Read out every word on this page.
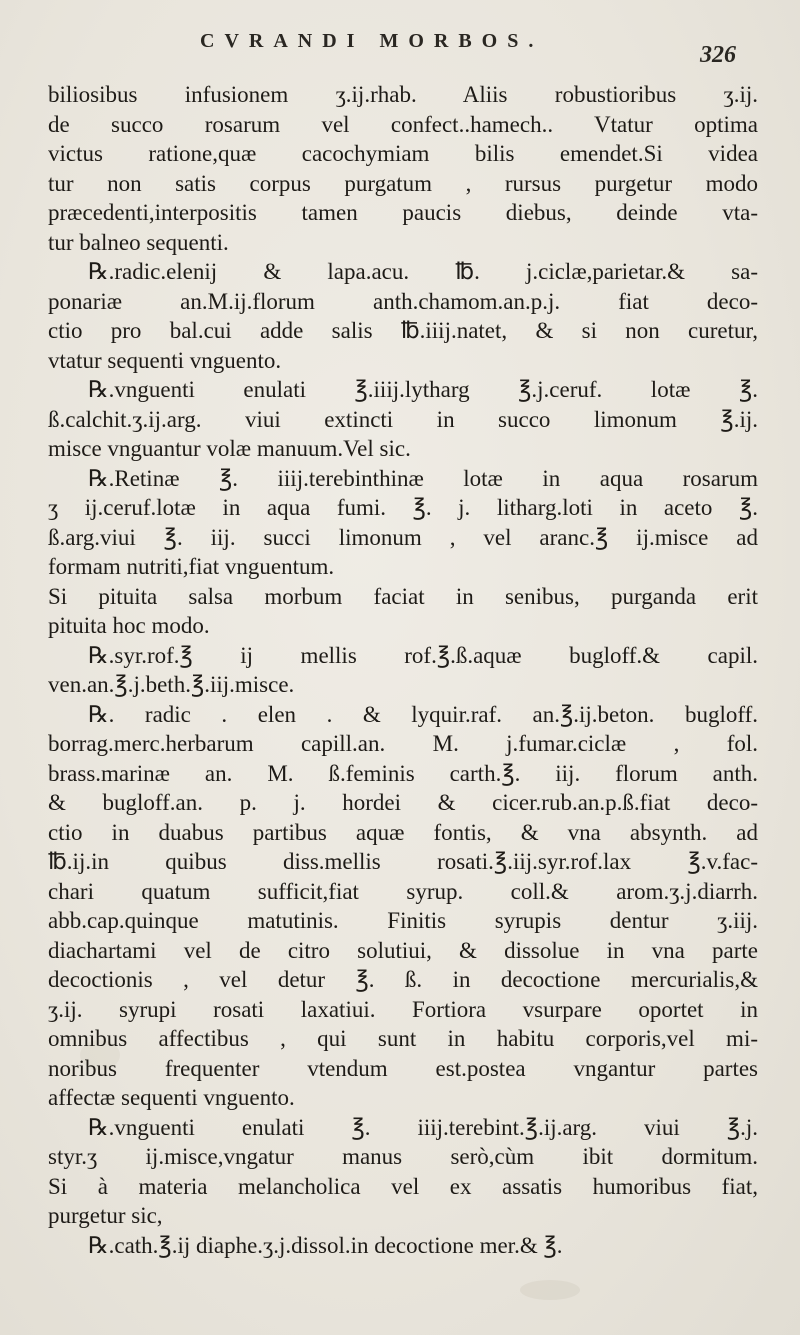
CVRANDI MORBOS.
326
biliosibus infusionem ʒ.ij.rhab. Aliis robustioribus ʒ.ij.
de succo rosarum vel confect..hamech.. Vtatur optima
victus ratione,quæ cacochymiam bilis emendet.Si videa
tur non satis corpus purgatum , rursus purgetur modo
præcedenti,interpositis tamen paucis diebus, deinde vta-
tur balneo sequenti.
℞.radic.elenij & lapa.acu. ℔. j.ciclæ,parietar.& sa-
ponariæ an.M.ij.florum anth.chamom.an.p.j. fiat deco-
ctio pro bal.cui adde salis ℔.iiij.natet, & si non curetur,
vtatur sequenti vnguento.
℞.vnguenti enulati ℥.iiij.lytharg ℥.j.ceruf. lotæ ℥.
ß.calchit.ʒ.ij.arg. viui extincti in succo limonum ℥.ij.
misce vnguantur volæ manuum.Vel sic.
℞.Retinæ ℥. iiij.terebinthinæ lotæ in aqua rosarum
ʒ ij.ceruf.lotæ in aqua fumi. ℥. j. litharg.loti in aceto ℥.
ß.arg.viui ℥. iij. succi limonum , vel aranc.℥ ij.misce ad
formam nutriti,fiat vnguentum.
Si pituita salsa morbum faciat in senibus, purganda erit
pituita hoc modo.
℞.syr.rof.℥ ij mellis rof.℥.ß.aquæ bugloff.& capil.
ven.an.℥.j.beth.℥.iij.misce.
℞. radic . elen . & lyquir.raf. an.℥.ij.beton. bugloff.
borrag.merc.herbarum capill.an. M. j.fumar.ciclæ , fol.
brass.marinæ an. M. ß.feminis carth.℥. iij. florum anth.
& bugloff.an. p. j. hordei & cicer.rub.an.p.ß.fiat deco-
ctio in duabus partibus aquæ fontis, & vna absynth. ad
℔.ij.in quibus diss.mellis rosati.℥.iij.syr.rof.lax ℥.v.fac-
chari quatum sufficit,fiat syrup. coll.& arom.ʒ.j.diarrh.
abb.cap.quinque matutinis. Finitis syrupis dentur ʒ.iij.
diachartami vel de citro solutiui, & dissolue in vna parte
decoctionis , vel detur ℥. ß. in decoctione mercurialis,&
ʒ.ij. syrupi rosati laxatiui. Fortiora vsurpare oportet in
omnibus affectibus , qui sunt in habitu corporis,vel mi-
noribus frequenter vtendum est.postea vngantur partes
affectæ sequenti vnguento.
℞.vnguenti enulati ℥. iiij.terebint.℥.ij.arg. viui ℥.j.
styr.ʒ ij.misce,vngatur manus serò,cùm ibit dormitum.
Si à materia melancholica vel ex assatis humoribus fiat,
purgetur sic,
℞.cath.℥.ij diaphe.ʒ.j.dissol.in decoctione mer.& ℥.
